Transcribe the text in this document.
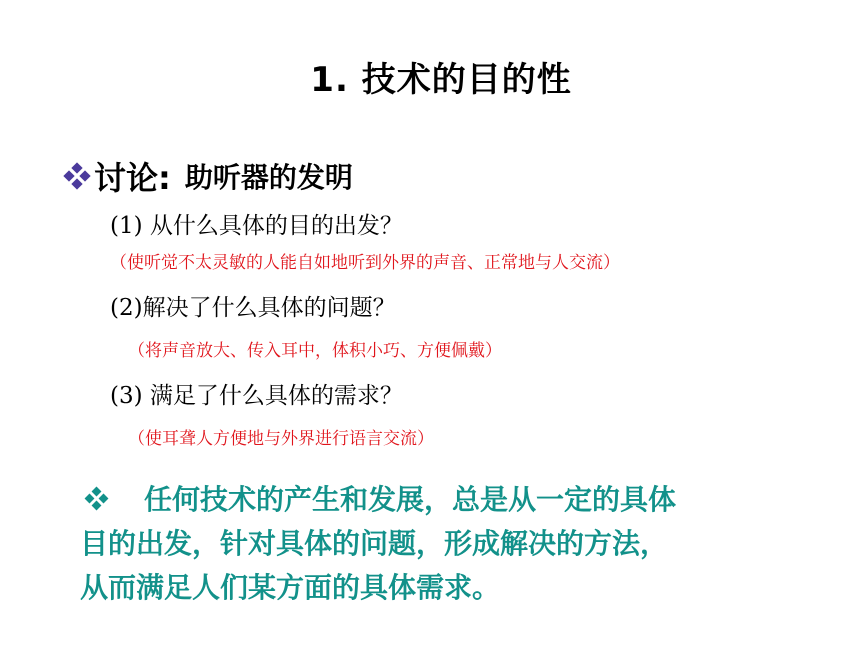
1. 技术的目的性
讨论: 助听器的发明
(1) 从什么具体的目的出发？
（使听觉不太灵敏的人能自如地听到外界的声音、正常地与人交流）
(2)解决了什么具体的问题？
（将声音放大、传入耳中，体积小巧、方便佩戴）
(3) 满足了什么具体的需求？
（使耳聋人方便地与外界进行语言交流）
任何技术的产生和发展，总是从一定的具体
目的出发，针对具体的问题，形成解决的方法，
从而满足人们某方面的具体需求。
